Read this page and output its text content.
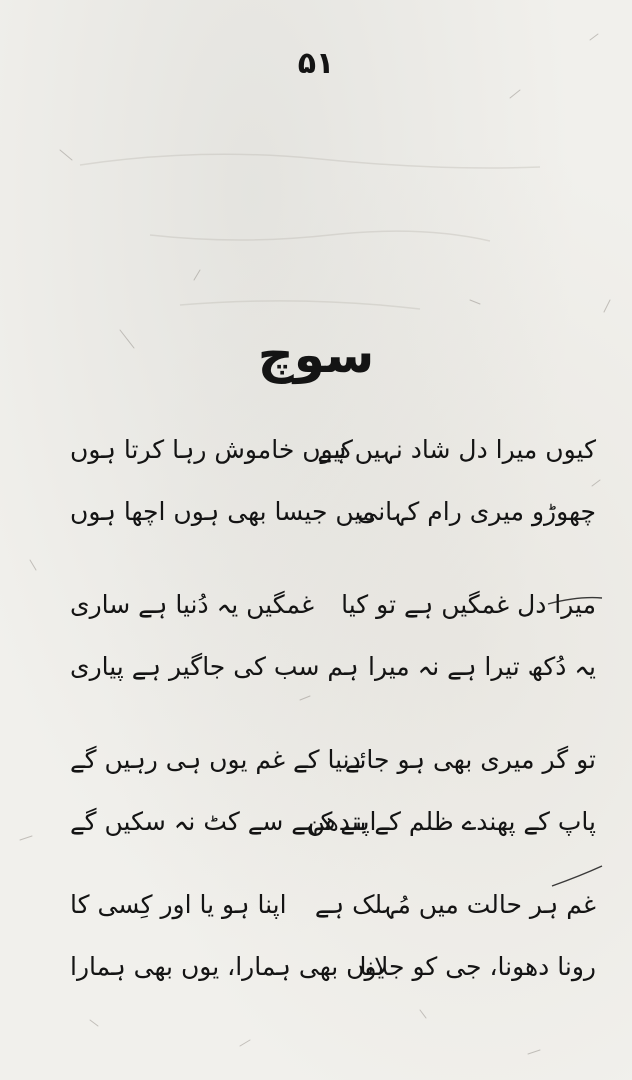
۵۱
سوچ
کیوں میرا دل شاد نہیں ہے
کیوں خاموش رہا کرتا ہوں
چھوڑو میری رام کہانی
میں جیسا بھی ہوں اچھا ہوں
میرا دل غمگیں ہے تو کیا
غمگیں یہ دُنیا ہے ساری
یہ دُکھ تیرا ہے نہ میرا
ہم سب کی جاگیر ہے پیاری
تو گر میری بھی ہو جائے
دنیا کے غم یوں ہی رہیں گے
پاپ کے پھندے ظلم کے بندھن
اپنے کہے سے کٹ نہ سکیں گے
غم ہر حالت میں مُہلک ہے
اپنا ہو یا اور کِسی کا
رونا دھونا، جی کو جلانا
یوں بھی ہمارا، یوں بھی ہمارا
